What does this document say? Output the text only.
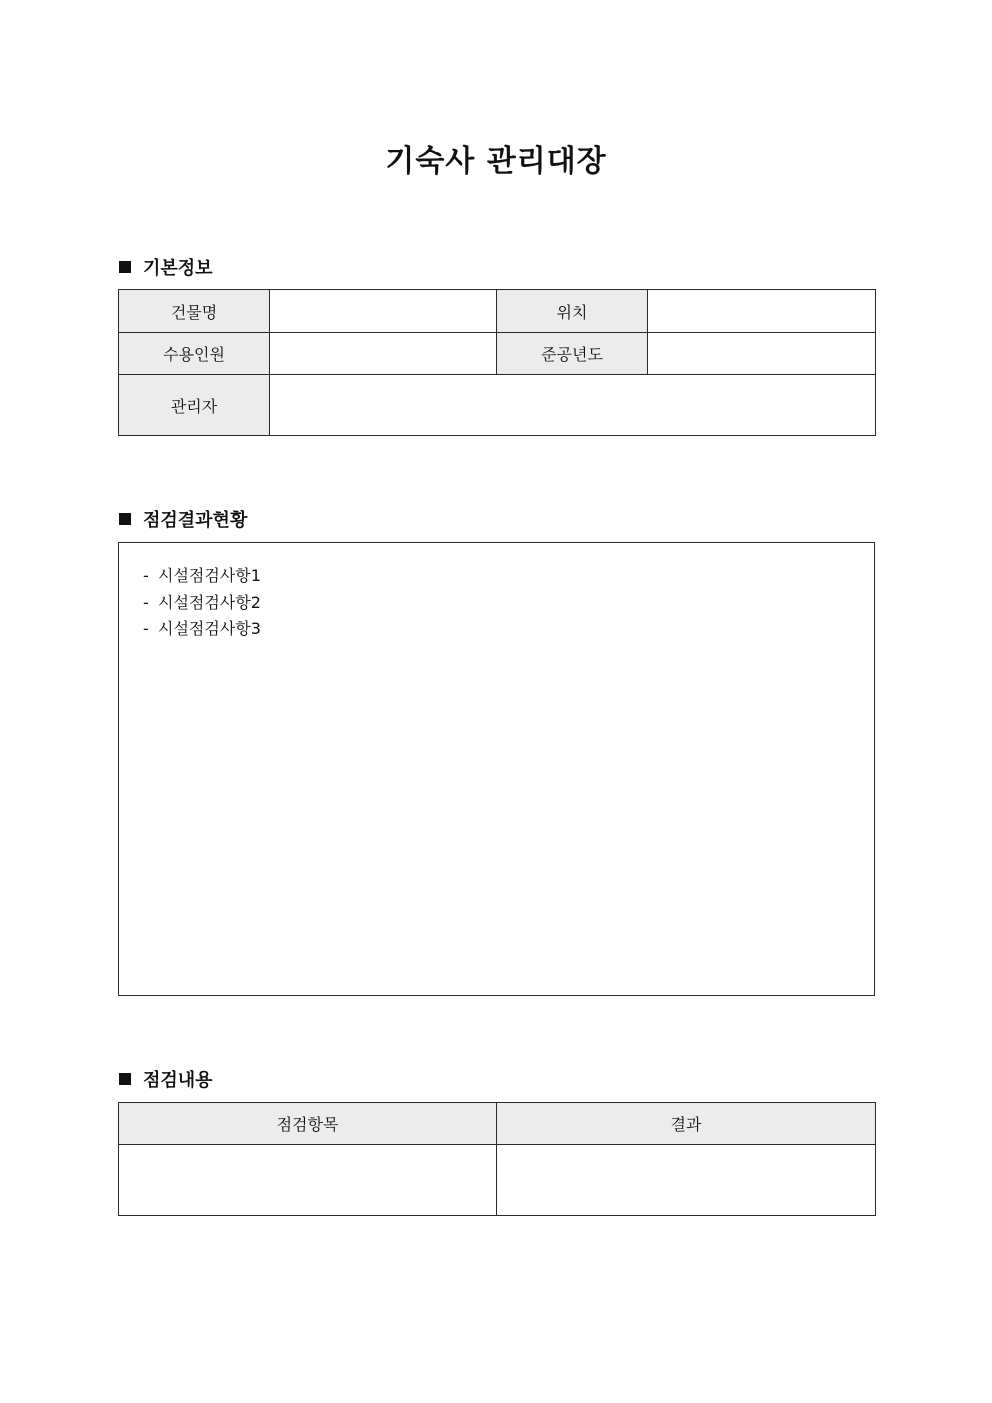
기숙사 관리대장
기본정보
건물명		위치	
수용인원		준공년도	
관리자			
점검결과현황
- 시설점검사항1
- 시설점검사항2
- 시설점검사항3
점검내용
점검항목	결과
